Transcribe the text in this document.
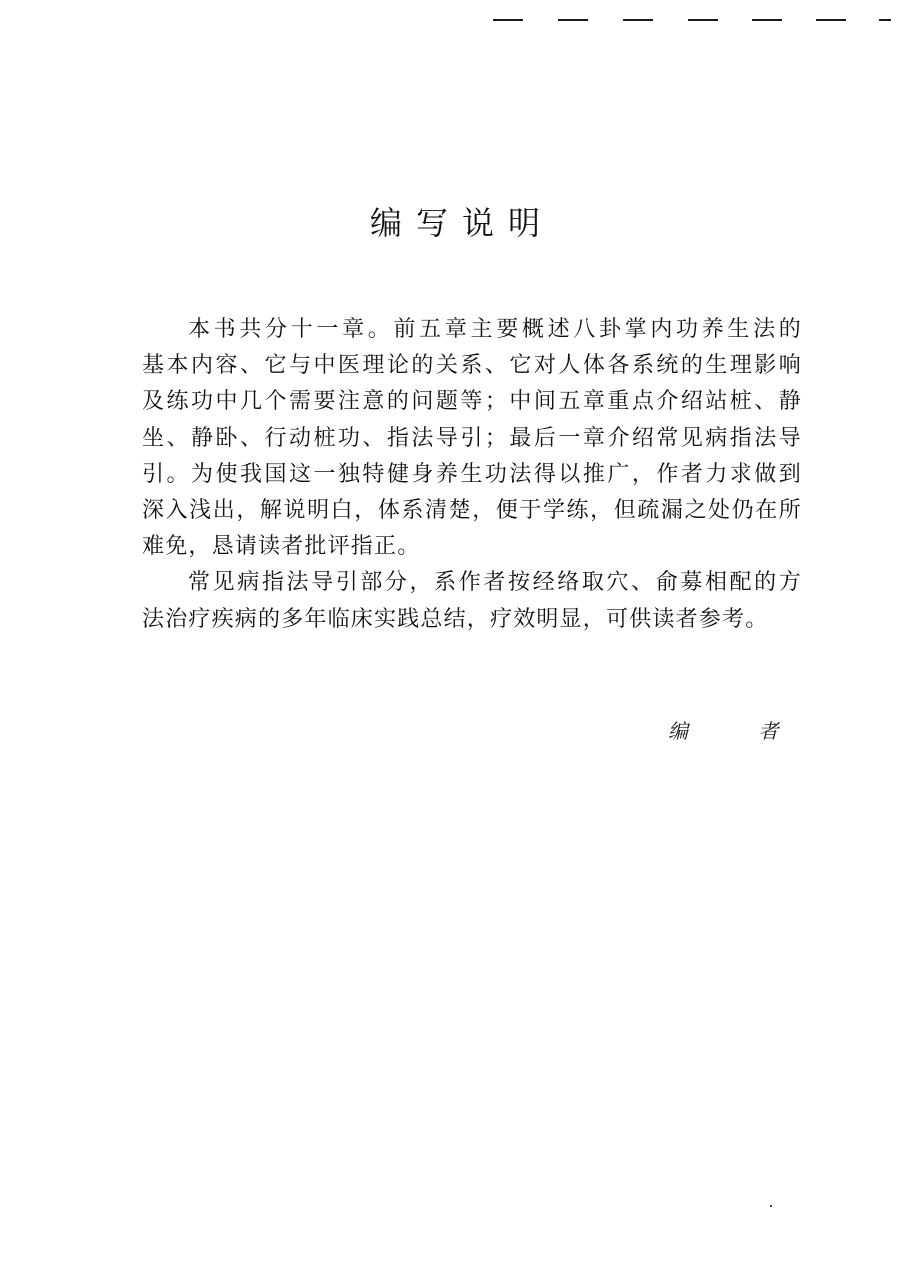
编写说明
本书共分十一章。前五章主要概述八卦掌内功养生法的
基本内容、它与中医理论的关系、它对人体各系统的生理影响
及练功中几个需要注意的问题等；中间五章重点介绍站桩、静
坐、静卧、行动桩功、指法导引；最后一章介绍常见病指法导
引。为使我国这一独特健身养生功法得以推广，作者力求做到
深入浅出，解说明白，体系清楚，便于学练，但疏漏之处仍在所
难免，恳请读者批评指正。
常见病指法导引部分，系作者按经络取穴、俞募相配的方
法治疗疾病的多年临床实践总结，疗效明显，可供读者参考。
编 者
